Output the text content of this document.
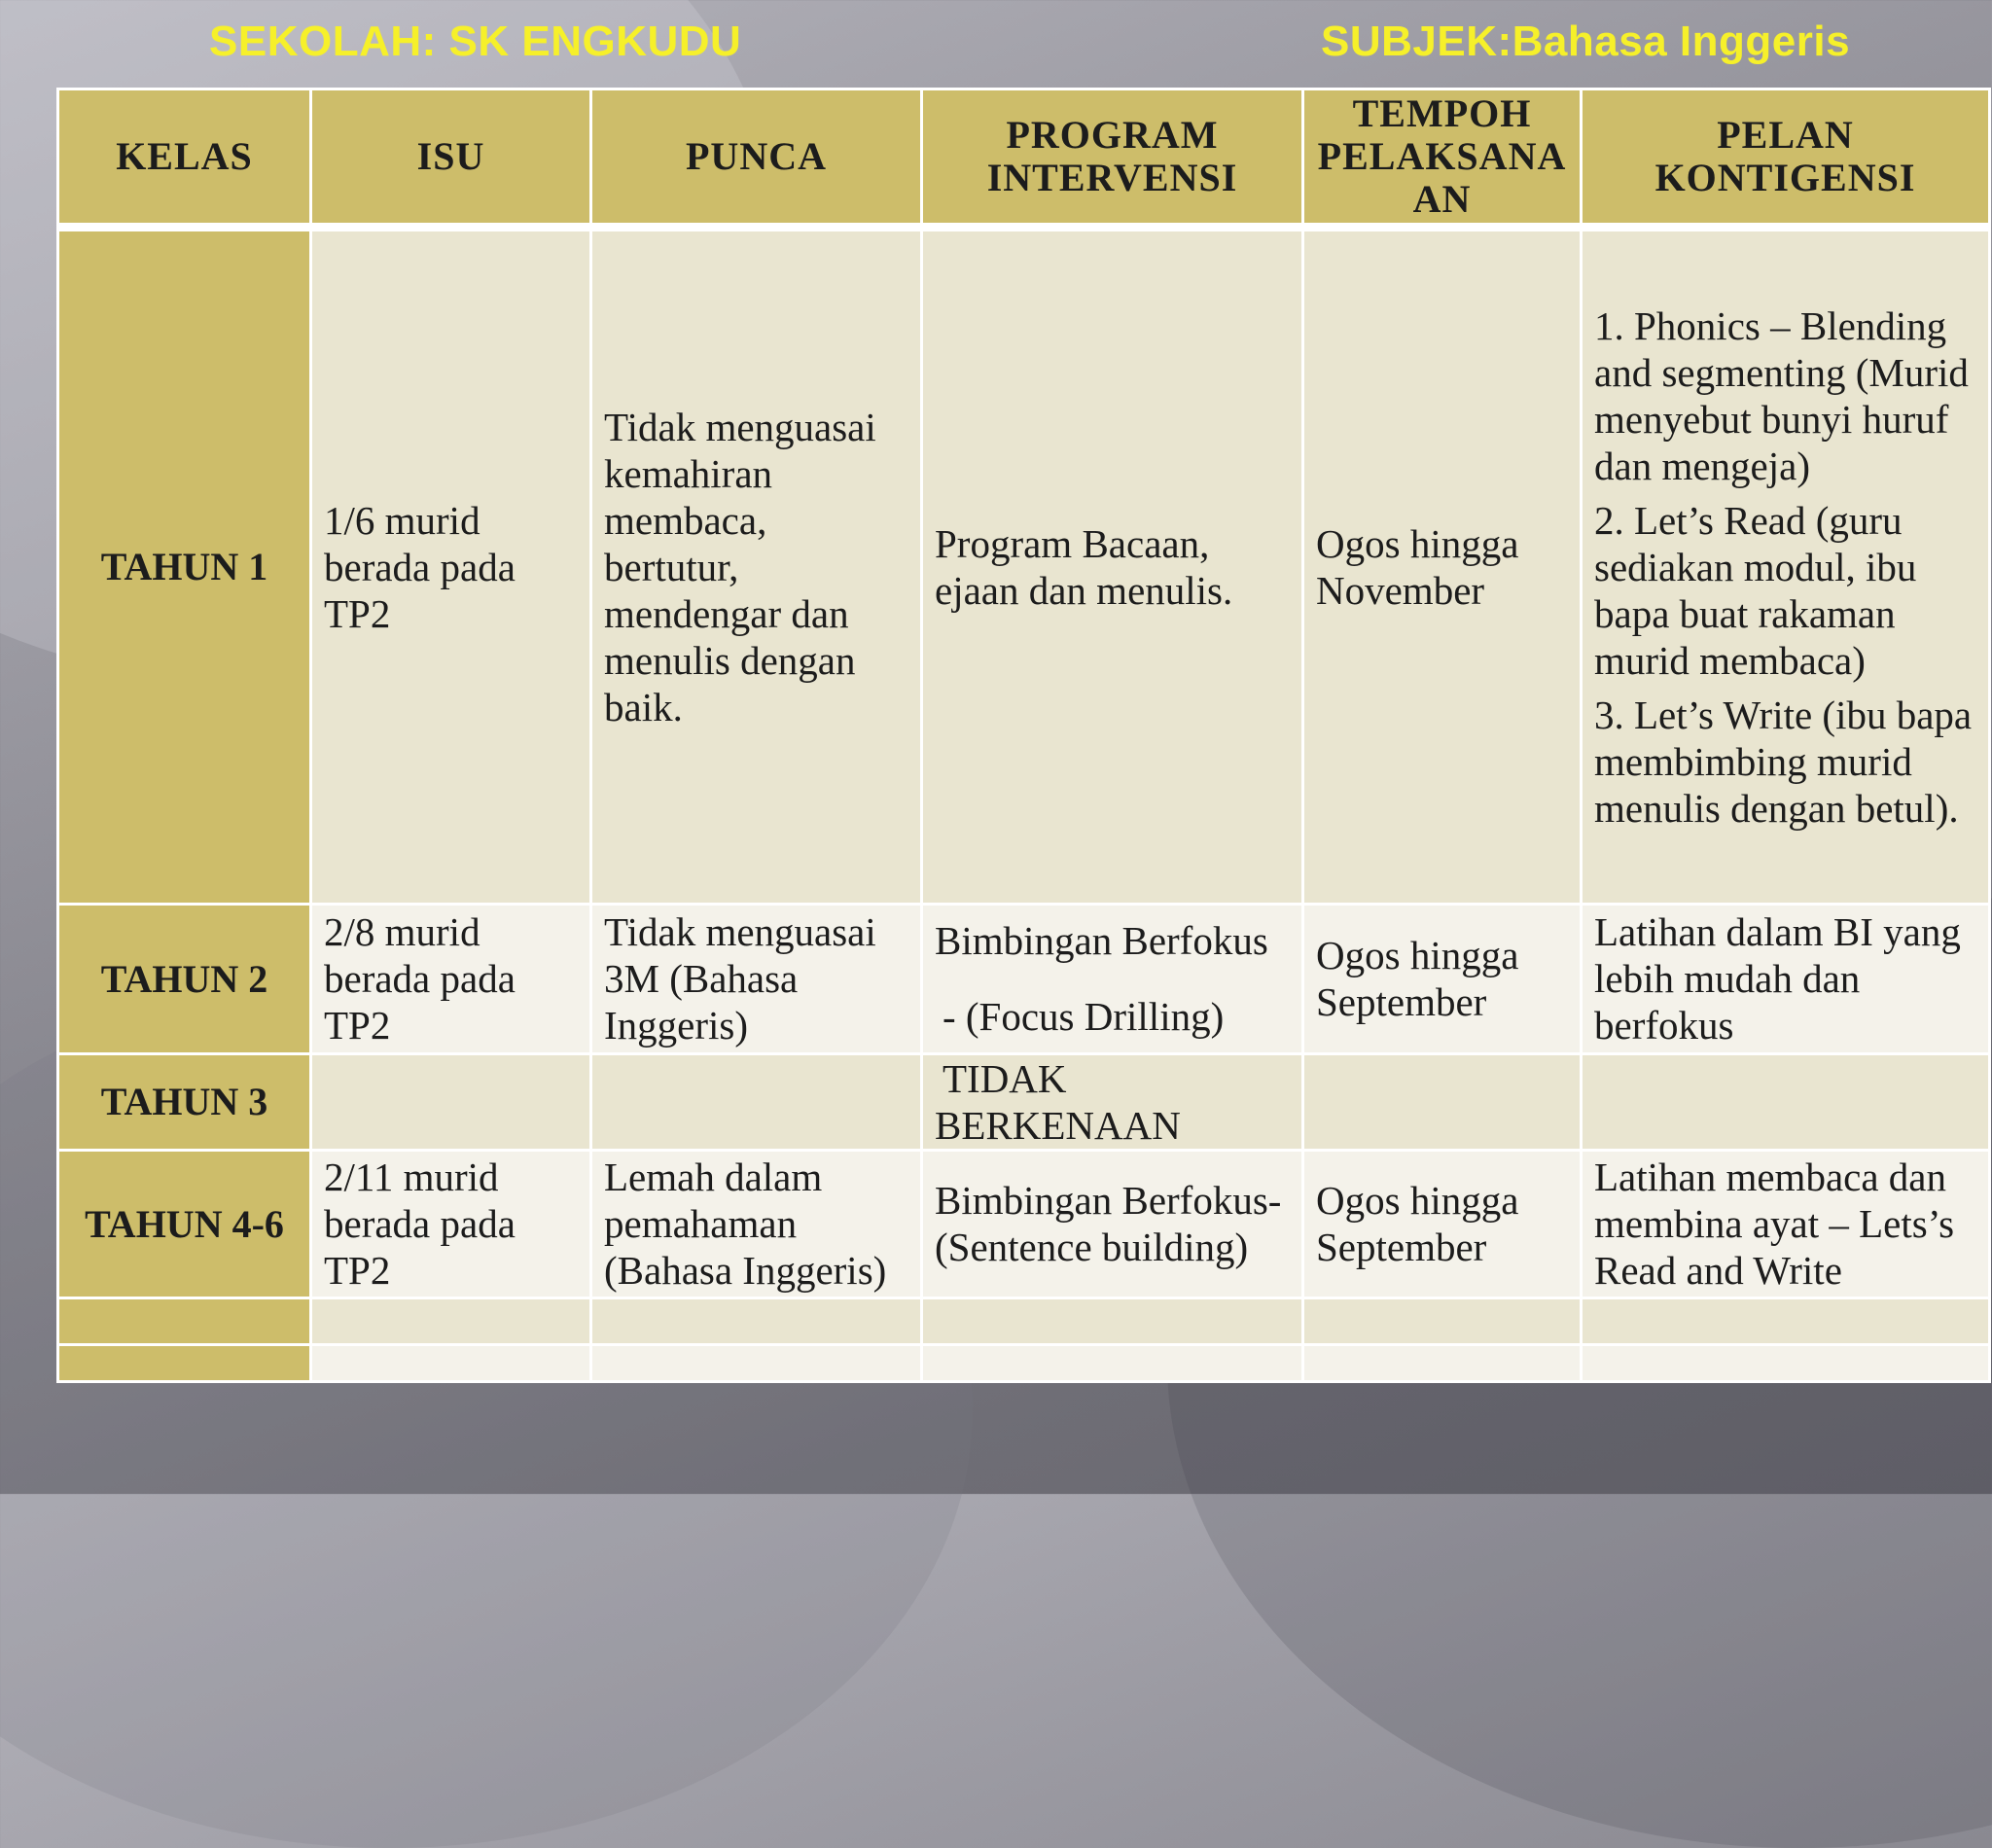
SEKOLAH: SK ENGKUDU	SUBJEK:Bahasa Inggeris
KELAS	ISU	PUNCA	PROGRAM INTERVENSI	TEMPOH PELAKSANA AN	PELAN KONTIGENSI

TAHUN 1	1/6 murid berada pada TP2	Tidak menguasai kemahiran membaca, bertutur, mendengar dan menulis dengan baik.	Program Bacaan, ejaan dan menulis.	Ogos hingga November	1. Phonics – Blending and segmenting (Murid menyebut bunyi huruf dan mengeja)
2. Let’s Read (guru sediakan modul, ibu bapa buat rakaman murid membaca)
3. Let’s Write (ibu bapa membimbing murid menulis dengan betul).

TAHUN 2	2/8 murid berada pada TP2	Tidak menguasai 3M (Bahasa Inggeris)	Bimbingan Berfokus
- (Focus Drilling)	Ogos hingga September	Latihan dalam BI yang lebih mudah dan berfokus
TAHUN 3			TIDAK BERKENAAN		
TAHUN 4-6	2/11 murid berada pada TP2	Lemah dalam pemahaman (Bahasa Inggeris)	Bimbingan Berfokus- (Sentence building)	Ogos hingga September	Latihan membaca dan membina ayat – Lets’s Read and Write
